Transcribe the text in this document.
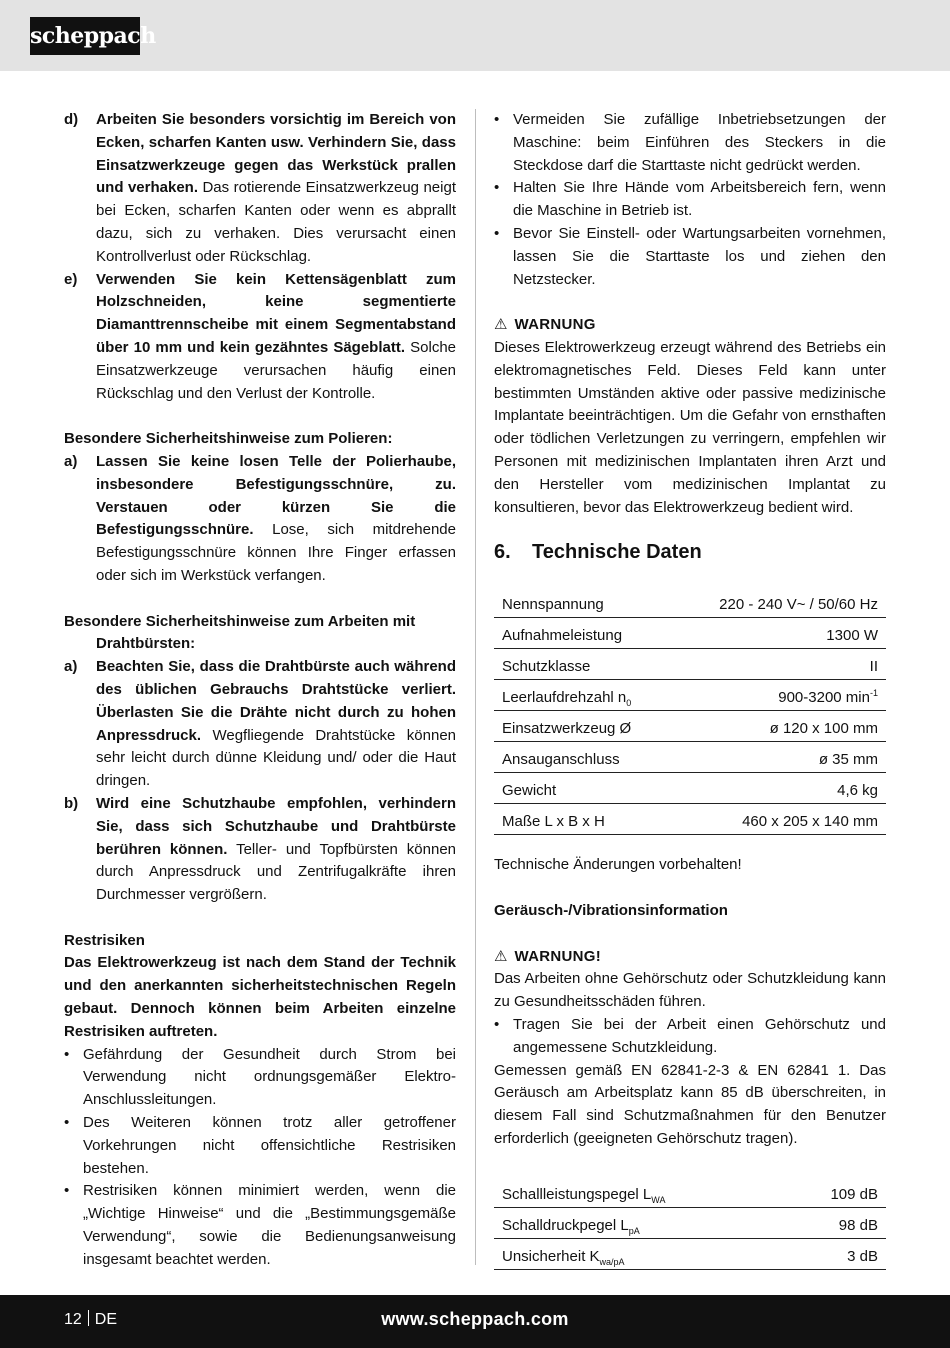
scheppach
d) Arbeiten Sie besonders vorsichtig im Bereich von Ecken, scharfen Kanten usw. Verhindern Sie, dass Einsatzwerkzeuge gegen das Werkstück prallen und verhaken. Das rotierende Einsatzwerkzeug neigt bei Ecken, scharfen Kanten oder wenn es abprallt dazu, sich zu verhaken. Dies verursacht einen Kontrollverlust oder Rückschlag.
e) Verwenden Sie kein Kettensägenblatt zum Holzschneiden, keine segmentierte Diamanttrennscheibe mit einem Segmentabstand über 10 mm und kein gezähntes Sägeblatt. Solche Einsatzwerkzeuge verursachen häufig einen Rückschlag und den Verlust der Kontrolle.

Besondere Sicherheitshinweise zum Polieren:

a) Lassen Sie keine losen Telle der Polierhaube, insbesondere Befestigungsschnüre, zu. Verstauen oder kürzen Sie die Befestigungsschnüre. Lose, sich mitdrehende Befestigungsschnüre können Ihre Finger erfassen oder sich im Werkstück verfangen.

Besondere Sicherheitshinweise zum Arbeiten mit

Drahtbürsten:

a) Beachten Sie, dass die Drahtbürste auch während des üblichen Gebrauchs Drahtstücke verliert. Überlasten Sie die Drähte nicht durch zu hohen Anpressdruck. Wegfliegende Drahtstücke können sehr leicht durch dünne Kleidung und/ oder die Haut dringen.
b) Wird eine Schutzhaube empfohlen, verhindern Sie, dass sich Schutzhaube und Drahtbürste berühren können. Teller- und Topfbürsten können durch Anpressdruck und Zentrifugalkräfte ihren Durchmesser vergrößern.

Restrisiken

Das Elektrowerkzeug ist nach dem Stand der Technik und den anerkannten sicherheitstechnischen Regeln gebaut. Dennoch können beim Arbeiten einzelne Restrisiken auftreten.

• Gefährdung der Gesundheit durch Strom bei Verwendung nicht ordnungsgemäßer Elektro-Anschlussleitungen.
• Des Weiteren können trotz aller getroffener Vorkehrungen nicht offensichtliche Restrisiken bestehen.
• Restrisiken können minimiert werden, wenn die „Wichtige Hinweise“ und die „Bestimmungsgemäße Verwendung“, sowie die Bedienungsanweisung insgesamt beachtet werden.
• Vermeiden Sie zufällige Inbetriebsetzungen der Maschine: beim Einführen des Steckers in die Steckdose darf die Starttaste nicht gedrückt werden.
• Halten Sie Ihre Hände vom Arbeitsbereich fern, wenn die Maschine in Betrieb ist.
• Bevor Sie Einstell- oder Wartungsarbeiten vornehmen, lassen Sie die Starttaste los und ziehen den Netzstecker.

⚠ WARNUNG

Dieses Elektrowerkzeug erzeugt während des Betriebs ein elektromagnetisches Feld. Dieses Feld kann unter bestimmten Umständen aktive oder passive medizinische Implantate beeinträchtigen. Um die Gefahr von ernsthaften oder tödlichen Verletzungen zu verringern, empfehlen wir Personen mit medizinischen Implantaten ihren Arzt und den Hersteller vom medizinischen Implantat zu konsultieren, bevor das Elektrowerkzeug bedient wird.

6. Technische Daten

Nennspannung	220 - 240 V~ / 50/60 Hz
Aufnahmeleistung	1300 W
Schutzklasse	II
Leerlaufdrehzahl $n_0$	900-3200 $\min^{-1}$
Einsatzwerkzeug Ø	ø 120 x 100 mm
Ansauganschluss	ø 35 mm
Gewicht	4,6 kg
Maße L x B x H	460 x 205 x 140 mm

Technische Änderungen vorbehalten!

Geräusch-/Vibrationsinformation

⚠ WARNUNG!

Das Arbeiten ohne Gehörschutz oder Schutzkleidung kann zu Gesundheitsschäden führen.

• Tragen Sie bei der Arbeit einen Gehörschutz und angemessene Schutzkleidung.

Gemessen gemäß EN 62841-2-3 & EN 62841 1. Das Geräusch am Arbeitsplatz kann 85 dB überschreiten, in diesem Fall sind Schutzmaßnahmen für den Benutzer erforderlich (geeigneten Gehörschutz tragen).

Schallleistungspegel $L_{WA}$	109 dB
Schalldruckpegel $L_{pA}$	98 dB
Unsicherheit $K_{wa/pA}$	3 dB
12 DE	www.scheppach.com
